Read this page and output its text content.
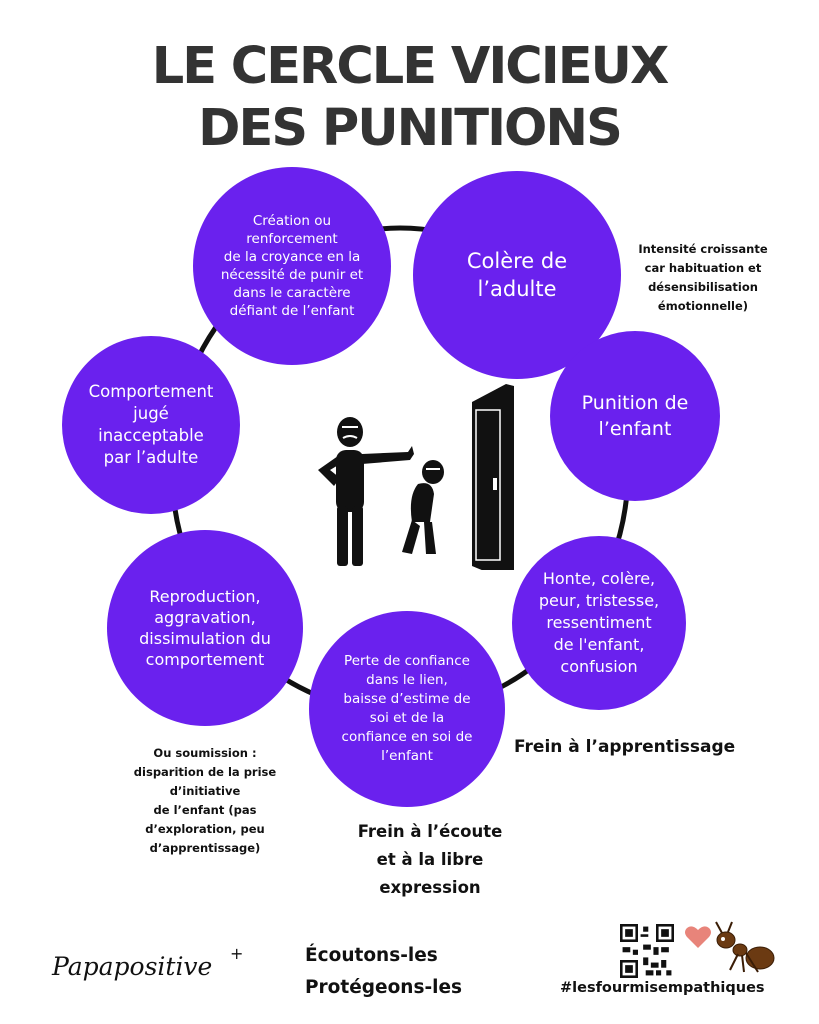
LE CERCLE VICIEUX
DES PUNITIONS
Colère de
l’adulte
Punition de
l’enfant
Honte, colère,
peur, tristesse,
ressentiment
de l'enfant,
confusion
Perte de confiance
dans le lien,
baisse d’estime de
soi et de la
confiance en soi de
l’enfant
Reproduction,
aggravation,
dissimulation du
comportement
Comportement
jugé
inacceptable
par l’adulte
Création ou
renforcement
de la croyance en la
nécessité de punir et
dans le caractère
défiant de l’enfant
Intensité croissante
car habituation et
désensibilisation
émotionnelle)
Ou soumission :
disparition de la prise
d’initiative
de l’enfant (pas
d’exploration, peu
d’apprentissage)
Frein à l’apprentissage
Frein à l’écoute
et à la libre
expression
Écoutons-les
Protégeons-les
Papapositive +
#lesfourmisempathiques
